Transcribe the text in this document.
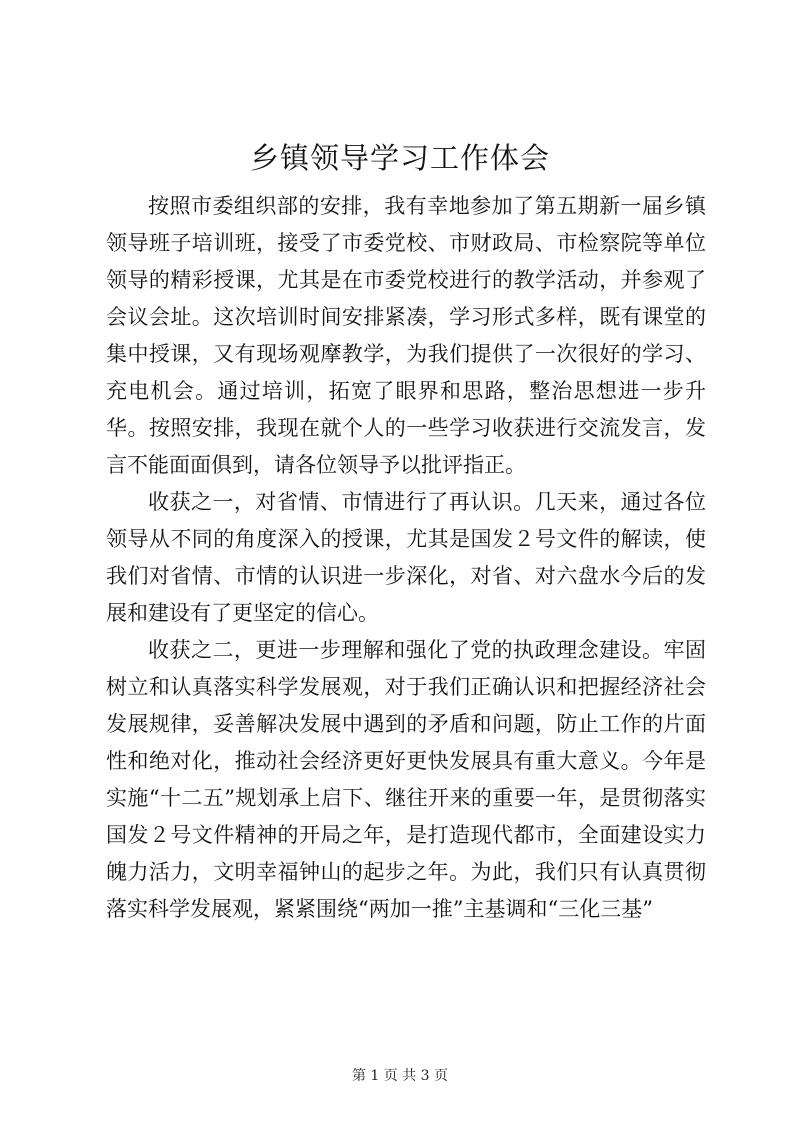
乡镇领导学习工作体会

按照市委组织部的安排，我有幸地参加了第五期新一届乡镇领导班子培训班，接受了市委党校、市财政局、市检察院等单位领导的精彩授课，尤其是在市委党校进行的教学活动，并参观了会议会址。这次培训时间安排紧凑，学习形式多样，既有课堂的集中授课，又有现场观摩教学，为我们提供了一次很好的学习、充电机会。通过培训，拓宽了眼界和思路，整治思想进一步升华。按照安排，我现在就个人的一些学习收获进行交流发言，发言不能面面俱到，请各位领导予以批评指正。

收获之一，对省情、市情进行了再认识。几天来，通过各位领导从不同的角度深入的授课，尤其是国发２号文件的解读，使我们对省情、市情的认识进一步深化，对省、对六盘水今后的发展和建设有了更坚定的信心。

收获之二，更进一步理解和强化了党的执政理念建设。牢固树立和认真落实科学发展观，对于我们正确认识和把握经济社会发展规律，妥善解决发展中遇到的矛盾和问题，防止工作的片面性和绝对化，推动社会经济更好更快发展具有重大意义。今年是实施“十二五”规划承上启下、继往开来的重要一年，是贯彻落实国发２号文件精神的开局之年，是打造现代都市，全面建设实力魄力活力，文明幸福钟山的起步之年。为此，我们只有认真贯彻落实科学发展观，紧紧围绕“两加一推”主基调和“三化三基”

第 1 页 共 3 页
